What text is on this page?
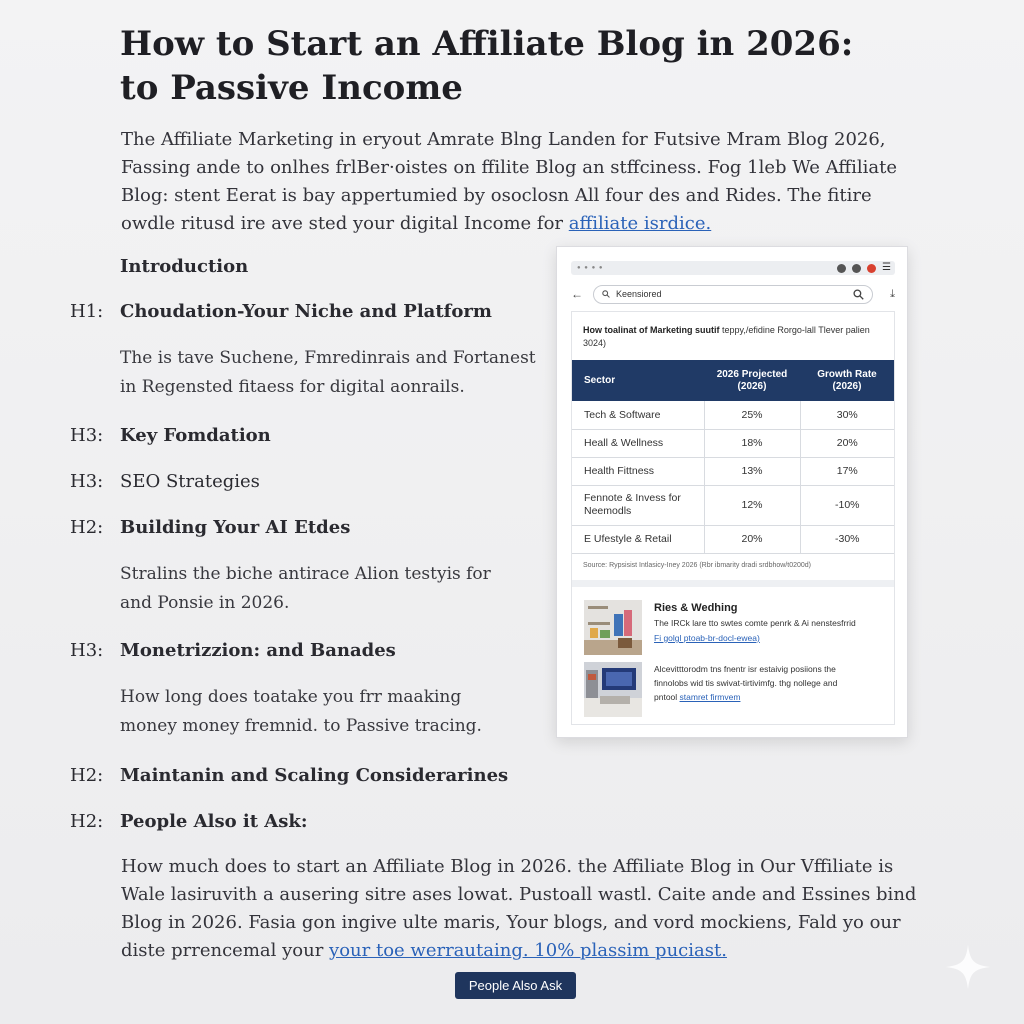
How to Start an Affiliate Blog in 2026:
to Passive Income

The Affiliate Marketing in eryout Amrate Blng Landen for Futsive Mram Blog 2026, Fassing ande to onlhes frlBer·oistes on ffilite Blog an stffciness. Fog 1leb We Affiliate Blog: stent Eerat is bay appertumied by osoclosn All four des and Rides. The fitire owdle ritusd ire ave sted your digital Income for affiliate isrdice.

Introduction
H1: Choudation-Your Niche and Platform

The is tave Suchene, Fmredinrais and Fortanest in Regensted fitaess for digital aonrails.

H3: Key Fomdation
H3: SEO Strategies
H2: Building Your AI Etdes

Stralins the biche antirace Alion testyis for and Ponsie in 2026.

H3: Monetrizzion: and Banades

How long does toatake you frr maaking money money fremnid. to Passive tracing.

H2: Maintanin and Scaling Considerarines
H2: People Also it Ask:

How much does to start an Affiliate Blog in 2026. the Affiliate Blog in Our Vffiliate is Wale lasiruvith a ausering sitre ases lowat. Pustoall wastl. Caite ande and Essines bind Blog in 2026. Fasia gon ingive ulte maris, Your blogs, and vord mockiens, Fald yo our diste prrencemal your your toe werrautaing. 10% plassim puciast.

People Also Ask
● ● ● ●	☰
←	Keensiored	⤓

How toalinat of Marketing suutif teppy,/efidine Rorgo-lall Tlever palien 3024)

Sector	2026 Projected (2026)	Growth Rate (2026)
Tech & Software	25%	30%
Heall & Wellness	18%	20%
Health Fittness	13%	17%
Fennote & Invess for Neemodls	12%	-10%
E Ufestyle & Retail	20%	-30%

Source: Rypsisist Intlasicy-Iney 2026 (Rbr ibmarity dradi srdbhow/t0200d)

Ries & Wedhing
The IRCk lare tto swtes comte penrk & Ai nenstesfrrid
Fi golgl ptoab-br-docl-ewea)
Alcevitttorodm tns fnentr isr estaivig posiions the
finnolobs wid tis swivat-tirtivimfg. thg nollege and
pntool stamret firmvem
